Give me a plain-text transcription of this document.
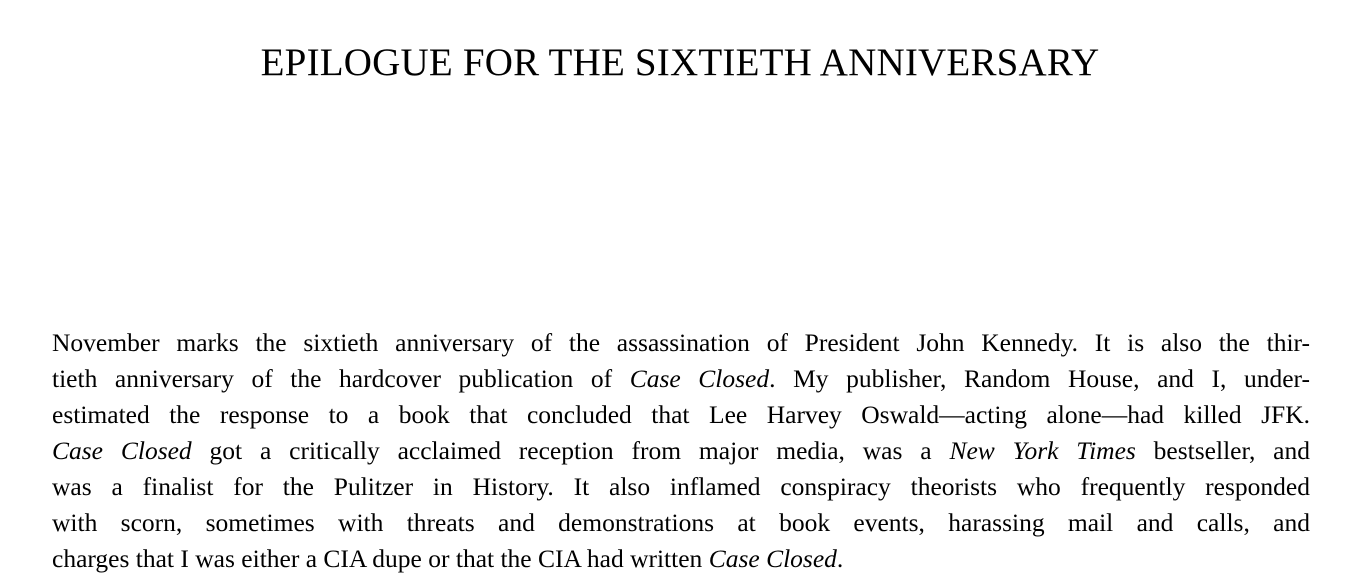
EPILOGUE FOR THE SIXTIETH ANNIVERSARY
November marks the sixtieth anniversary of the assassination of President John Kennedy. It is also the thir-
tieth anniversary of the hardcover publication of Case Closed. My publisher, Random House, and I, under-
estimated the response to a book that concluded that Lee Harvey Oswald—acting alone—had killed JFK.
Case Closed got a critically acclaimed reception from major media, was a New York Times bestseller, and
was a finalist for the Pulitzer in History. It also inflamed conspiracy theorists who frequently responded
with scorn, sometimes with threats and demonstrations at book events, harassing mail and calls, and
charges that I was either a CIA dupe or that the CIA had written Case Closed.
